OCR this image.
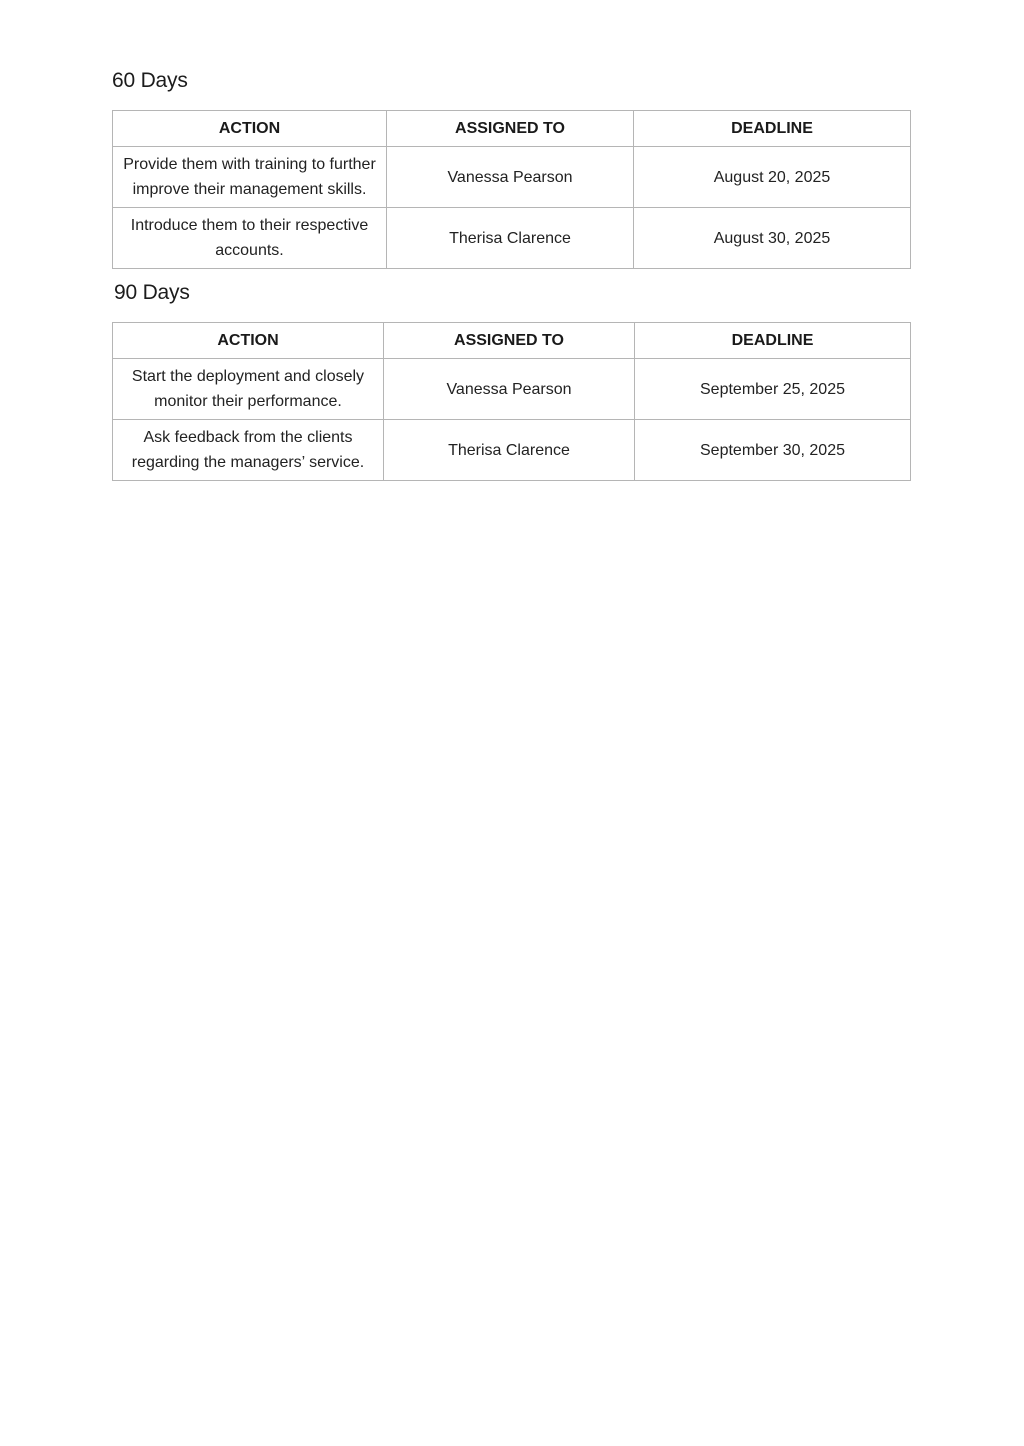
60 Days
ACTION	ASSIGNED TO	DEADLINE
Provide them with training to further improve their management skills.	Vanessa Pearson	August 20, 2025
Introduce them to their respective accounts.	Therisa Clarence	August 30, 2025
90 Days
ACTION	ASSIGNED TO	DEADLINE
Start the deployment and closely monitor their performance.	Vanessa Pearson	September 25, 2025
Ask feedback from the clients regarding the managers’ service.	Therisa Clarence	September 30, 2025
